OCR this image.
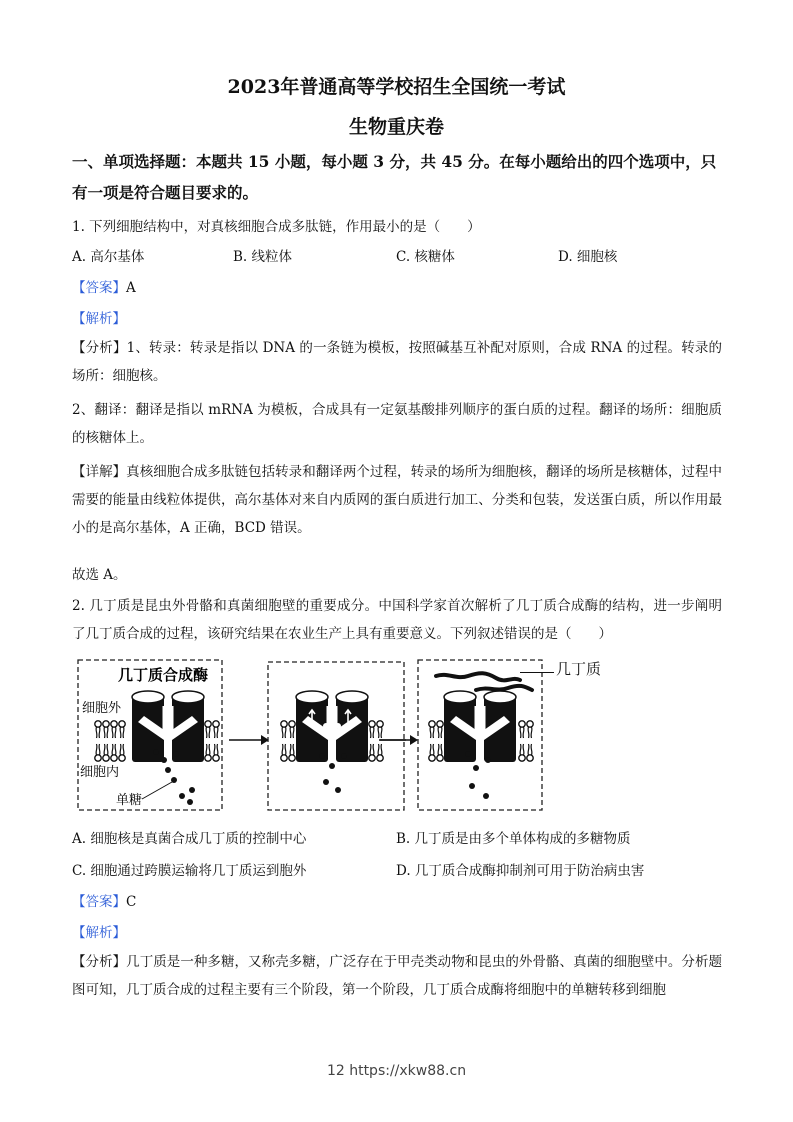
2023年普通高等学校招生全国统一考试
生物重庆卷
一、单项选择题：本题共 15 小题，每小题 3 分，共 45 分。在每小题给出的四个选项中，只
有一项是符合题目要求的。
1. 下列细胞结构中，对真核细胞合成多肽链，作用最小的是（　　）
A. 高尔基体	B. 线粒体	C. 核糖体	D. 细胞核
【答案】A
【解析】
【分析】1、转录：转录是指以 DNA 的一条链为模板，按照碱基互补配对原则，合成 RNA 的过程。转录的场所：细胞核。
2、翻译：翻译是指以 mRNA 为模板，合成具有一定氨基酸排列顺序的蛋白质的过程。翻译的场所：细胞质的核糖体上。
【详解】真核细胞合成多肽链包括转录和翻译两个过程，转录的场所为细胞核，翻译的场所是核糖体，过程中需要的能量由线粒体提供，高尔基体对来自内质网的蛋白质进行加工、分类和包装，发送蛋白质，所以作用最小的是高尔基体，A 正确，BCD 错误。
故选 A。
2. 几丁质是昆虫外骨骼和真菌细胞壁的重要成分。中国科学家首次解析了几丁质合成酶的结构，进一步阐明了几丁质合成的过程，该研究结果在农业生产上具有重要意义。下列叙述错误的是（　　）
几丁质合成酶
细胞外
细胞内
单糖
几丁质
A. 细胞核是真菌合成几丁质的控制中心	B. 几丁质是由多个单体构成的多糖物质
C. 细胞通过跨膜运输将几丁质运到胞外	D. 几丁质合成酶抑制剂可用于防治病虫害
【答案】C
【解析】
【分析】几丁质是一种多糖，又称壳多糖，广泛存在于甲壳类动物和昆虫的外骨骼、真菌的细胞壁中。分析题图可知，几丁质合成的过程主要有三个阶段，第一个阶段，几丁质合成酶将细胞中的单糖转移到细胞
12 https://xkw88.cn
